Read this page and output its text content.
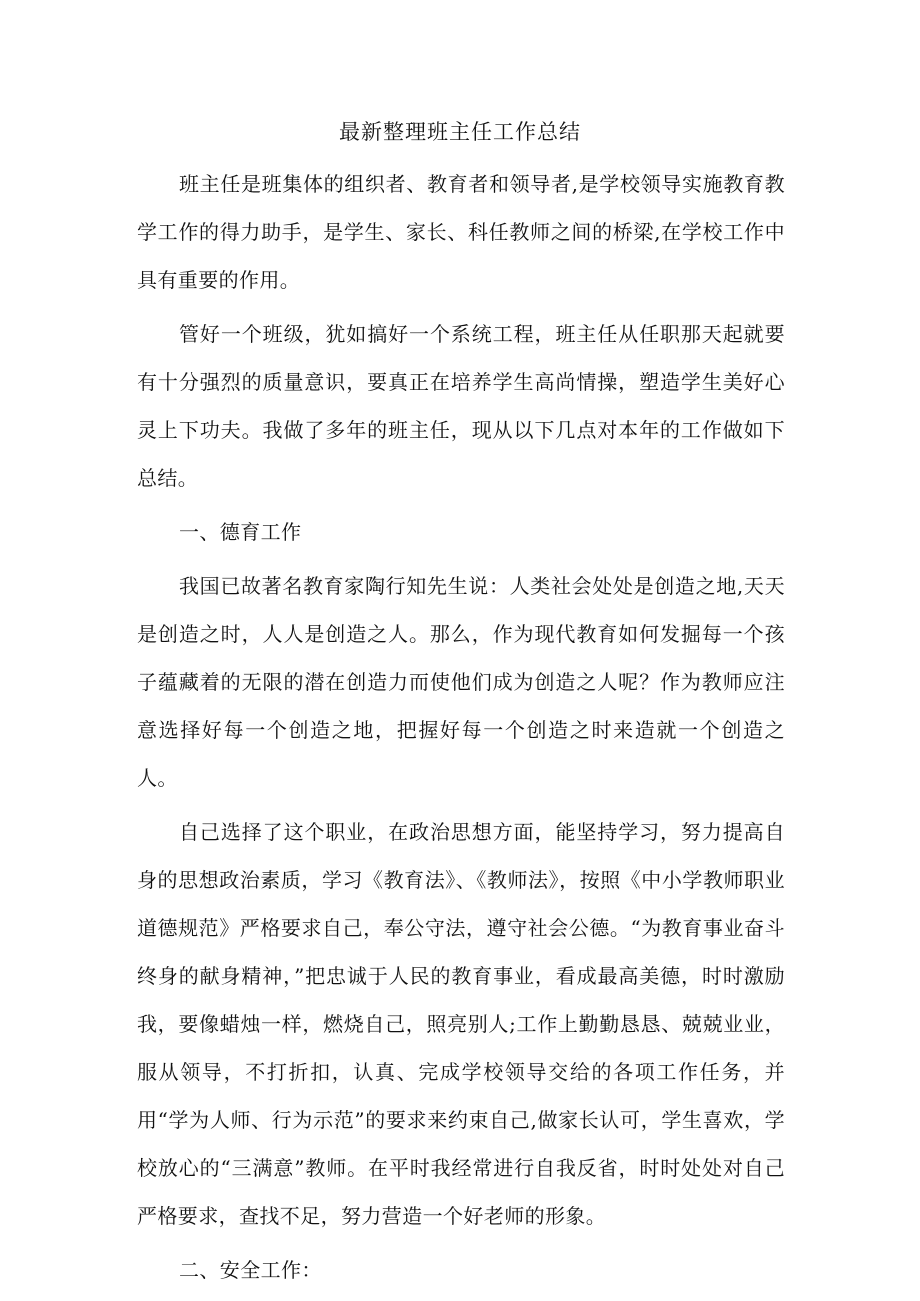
最新整理班主任工作总结

班主任是班集体的组织者、教育者和领导者,是学校领导实施教育教学工作的得力助手，是学生、家长、科任教师之间的桥梁,在学校工作中具有重要的作用。

管好一个班级，犹如搞好一个系统工程，班主任从任职那天起就要有十分强烈的质量意识，要真正在培养学生高尚情操，塑造学生美好心灵上下功夫。我做了多年的班主任，现从以下几点对本年的工作做如下总结。

一、德育工作

我国已故著名教育家陶行知先生说：人类社会处处是创造之地,天天是创造之时，人人是创造之人。那么，作为现代教育如何发掘每一个孩子蕴藏着的无限的潜在创造力而使他们成为创造之人呢？作为教师应注意选择好每一个创造之地，把握好每一个创造之时来造就一个创造之人。

自己选择了这个职业，在政治思想方面，能坚持学习，努力提高自身的思想政治素质，学习《教育法》、《教师法》，按照《中小学教师职业道德规范》严格要求自己，奉公守法，遵守社会公德。“为教育事业奋斗终身的献身精神，”把忠诚于人民的教育事业，看成最高美德，时时激励我，要像蜡烛一样，燃烧自己，照亮别人;工作上勤勤恳恳、兢兢业业，服从领导，不打折扣，认真、完成学校领导交给的各项工作任务，并用“学为人师、行为示范”的要求来约束自己,做家长认可，学生喜欢，学校放心的“三满意”教师。在平时我经常进行自我反省，时时处处对自己严格要求，查找不足，努力营造一个好老师的形象。

二、安全工作：
